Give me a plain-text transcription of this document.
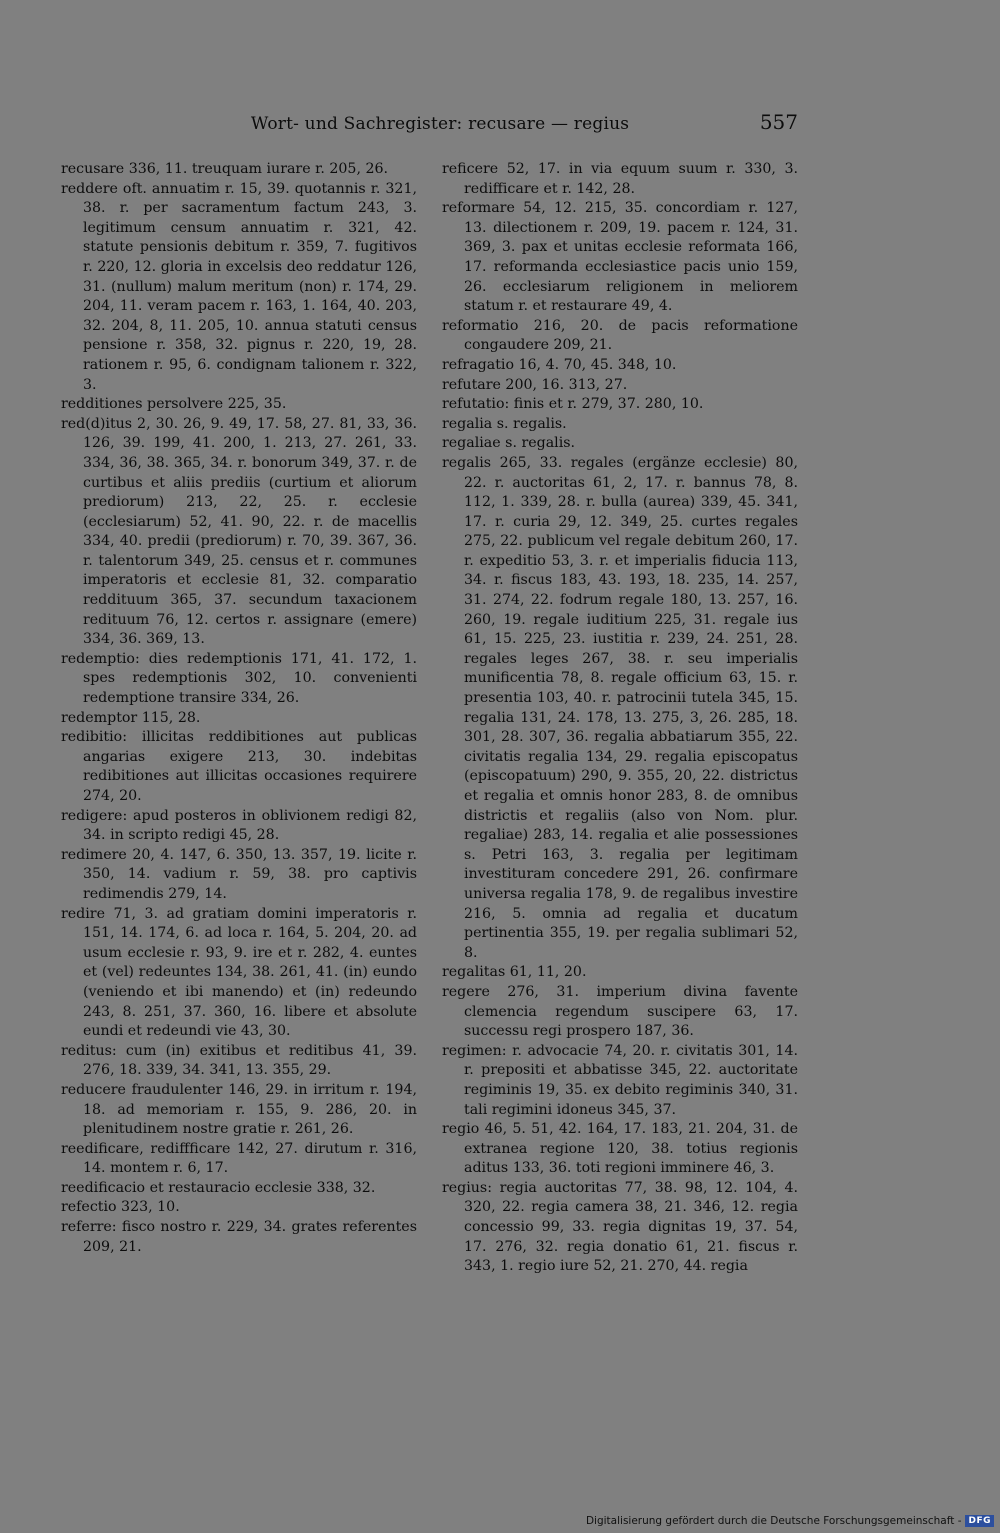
Wort- und Sachregister: recusare — regius	557

recusare 336, 11. treuquam iurare r. 205, 26.

reddere oft. annuatim r. 15, 39. quotannis r. 321, 38. r. per sacramentum factum 243, 3. legitimum censum annuatim r. 321, 42. statute pensionis debitum r. 359, 7. fugitivos r. 220, 12. gloria in excelsis deo reddatur 126, 31. (nullum) malum meritum (non) r. 174, 29. 204, 11. veram pacem r. 163, 1. 164, 40. 203, 32. 204, 8, 11. 205, 10. annua statuti census pensione r. 358, 32. pignus r. 220, 19, 28. rationem r. 95, 6. condignam talionem r. 322, 3.

redditiones persolvere 225, 35.

red(d)itus 2, 30. 26, 9. 49, 17. 58, 27. 81, 33, 36. 126, 39. 199, 41. 200, 1. 213, 27. 261, 33. 334, 36, 38. 365, 34. r. bonorum 349, 37. r. de curtibus et aliis prediis (curtium et aliorum prediorum) 213, 22, 25. r. ecclesie (ecclesiarum) 52, 41. 90, 22. r. de macellis 334, 40. predii (prediorum) r. 70, 39. 367, 36. r. talentorum 349, 25. census et r. communes imperatoris et ecclesie 81, 32. comparatio reddituum 365, 37. secundum taxacionem redituum 76, 12. certos r. assignare (emere) 334, 36. 369, 13.

redemptio: dies redemptionis 171, 41. 172, 1. spes redemptionis 302, 10. convenienti redemptione transire 334, 26.

redemptor 115, 28.

redibitio: illicitas reddibitiones aut publicas angarias exigere 213, 30. indebitas redibitiones aut illicitas occasiones requirere 274, 20.

redigere: apud posteros in oblivionem redigi 82, 34. in scripto redigi 45, 28.

redimere 20, 4. 147, 6. 350, 13. 357, 19. licite r. 350, 14. vadium r. 59, 38. pro captivis redimendis 279, 14.

redire 71, 3. ad gratiam domini imperatoris r. 151, 14. 174, 6. ad loca r. 164, 5. 204, 20. ad usum ecclesie r. 93, 9. ire et r. 282, 4. euntes et (vel) redeuntes 134, 38. 261, 41. (in) eundo (veniendo et ibi manendo) et (in) redeundo 243, 8. 251, 37. 360, 16. libere et absolute eundi et redeundi vie 43, 30.

reditus: cum (in) exitibus et reditibus 41, 39. 276, 18. 339, 34. 341, 13. 355, 29.

reducere fraudulenter 146, 29. in irritum r. 194, 18. ad memoriam r. 155, 9. 286, 20. in plenitudinem nostre gratie r. 261, 26.

reedificare, rediffficare 142, 27. dirutum r. 316, 14. montem r. 6, 17.

reedificacio et restauracio ecclesie 338, 32.

refectio 323, 10.

referre: fisco nostro r. 229, 34. grates referentes 209, 21.

reficere 52, 17. in via equum suum r. 330, 3. rediff​icare et r. 142, 28.

reformare 54, 12. 215, 35. concordiam r. 127, 13. dilectionem r. 209, 19. pacem r. 124, 31. 369, 3. pax et unitas ecclesie reformata 166, 17. reformanda ecclesiastice pacis unio 159, 26. ecclesiarum religionem in meliorem statum r. et restaurare 49, 4.

reformatio 216, 20. de pacis reformatione congaudere 209, 21.

refragatio 16, 4. 70, 45. 348, 10.

refutare 200, 16. 313, 27.

refutatio: finis et r. 279, 37. 280, 10.

regalia s. regalis.

regaliae s. regalis.

regalis 265, 33. regales (ergänze ecclesie) 80, 22. r. auctoritas 61, 2, 17. r. bannus 78, 8. 112, 1. 339, 28. r. bulla (aurea) 339, 45. 341, 17. r. curia 29, 12. 349, 25. curtes regales 275, 22. publicum vel regale debitum 260, 17. r. expeditio 53, 3. r. et imperialis fiducia 113, 34. r. fiscus 183, 43. 193, 18. 235, 14. 257, 31. 274, 22. fodrum regale 180, 13. 257, 16. 260, 19. regale iuditium 225, 31. regale ius 61, 15. 225, 23. iustitia r. 239, 24. 251, 28. regales leges 267, 38. r. seu imperialis munificentia 78, 8. regale officium 63, 15. r. presentia 103, 40. r. patrocinii tutela 345, 15. regalia 131, 24. 178, 13. 275, 3, 26. 285, 18. 301, 28. 307, 36. regalia abbatiarum 355, 22. civitatis regalia 134, 29. regalia episcopatus (episcopatuum) 290, 9. 355, 20, 22. districtus et regalia et omnis honor 283, 8. de omnibus districtis et regaliis (also von Nom. plur. regaliae) 283, 14. regalia et alie possessiones s. Petri 163, 3. regalia per legitimam investituram concedere 291, 26. confirmare universa regalia 178, 9. de regalibus investire 216, 5. omnia ad regalia et ducatum pertinentia 355, 19. per regalia sublimari 52, 8.

regalitas 61, 11, 20.

regere 276, 31. imperium divina favente clemencia regendum suscipere 63, 17. successu regi prospero 187, 36.

regimen: r. advocacie 74, 20. r. civitatis 301, 14. r. prepositi et abbatisse 345, 22. auctoritate regiminis 19, 35. ex debito regiminis 340, 31. tali regimini idoneus 345, 37.

regio 46, 5. 51, 42. 164, 17. 183, 21. 204, 31. de extranea regione 120, 38. totius regionis aditus 133, 36. toti regioni imminere 46, 3.

regius: regia auctoritas 77, 38. 98, 12. 104, 4. 320, 22. regia camera 38, 21. 346, 12. regia concessio 99, 33. regia dignitas 19, 37. 54, 17. 276, 32. regia donatio 61, 21. fiscus r. 343, 1. regio iure 52, 21. 270, 44. regia

Digitalisierung gefördert durch die Deutsche Forschungsgemeinschaft - DFG
